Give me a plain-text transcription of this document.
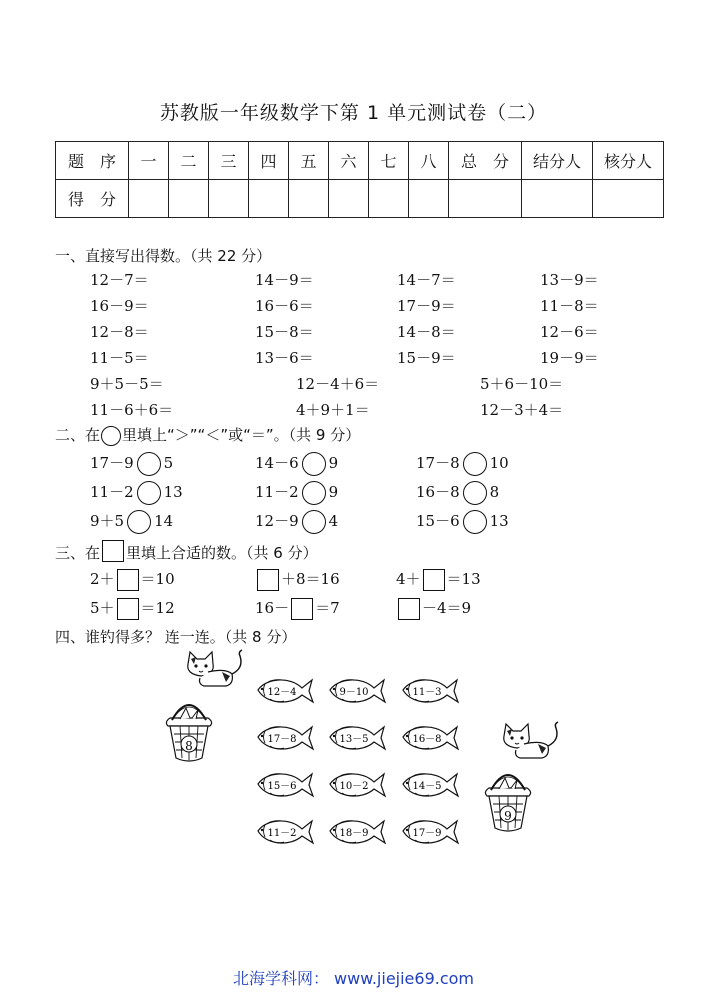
苏教版一年级数学下第 1 单元测试卷（二）
题　序	一	二	三	四	五	六	七	八	总　分	结分人	核分人
得　分											
一、直接写出得数。（共 22 分）
12－7＝	14－9＝	14－7＝	13－9＝
16－9＝	16－6＝	17－9＝	11－8＝
12－8＝	15－8＝	14－8＝	12－6＝
11－5＝	13－6＝	15－9＝	19－9＝
9＋5－5＝	12－4＋6＝	5＋6－10＝
11－6＋6＝	4＋9＋1＝	12－3＋4＝
二、在 里填上“＞”“＜”或“＝”。（共 9 分）
17－9 5	14－6 9	17－8 10
11－2 13	11－2 9	16－8 8
9＋5 14	12－9 4	15－6 13
三、在 里填上合适的数。（共 6 分）
2＋ ＝10	＋8＝16	4＋ ＝13
5＋ ＝12	16－ ＝7	－4＝9
四、谁钓得多？ 连一连。（共 8 分）
8
9
12－4	9－10	11－3
17－8	13－5	16－8
15－6	10－2	14－5
11－2	18－9	17－9
北海学科网： www.jiejie69.com
